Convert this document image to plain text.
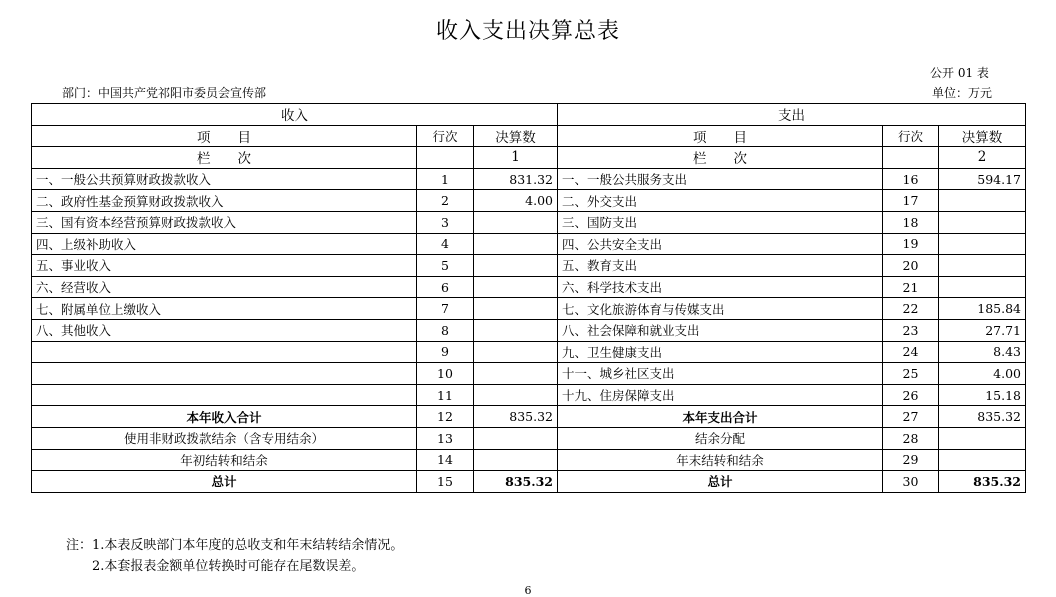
收入支出决算总表
公开 01 表
部门：中国共产党祁阳市委员会宣传部	单位：万元
收入			支出		
项　　目	行次	决算数	项　　目	行次	决算数
栏　　次		1	栏　　次		2
一、一般公共预算财政拨款收入	1	831.32	一、一般公共服务支出	16	594.17
二、政府性基金预算财政拨款收入	2	4.00	二、外交支出	17	
三、国有资本经营预算财政拨款收入	3		三、国防支出	18	
四、上级补助收入	4		四、公共安全支出	19	
五、事业收入	5		五、教育支出	20	
六、经营收入	6		六、科学技术支出	21	
七、附属单位上缴收入	7		七、文化旅游体育与传媒支出	22	185.84
八、其他收入	8		八、社会保障和就业支出	23	27.71
	9		九、卫生健康支出	24	8.43
	10		十一、城乡社区支出	25	4.00
	11		十九、住房保障支出	26	15.18
本年收入合计	12	835.32	本年支出合计	27	835.32
使用非财政拨款结余（含专用结余）	13		结余分配	28	
年初结转和结余	14		年末结转和结余	29	
总计	15	835.32	总计	30	835.32
注：1.本表反映部门本年度的总收支和年末结转结余情况。
2.本套报表金额单位转换时可能存在尾数误差。
6
